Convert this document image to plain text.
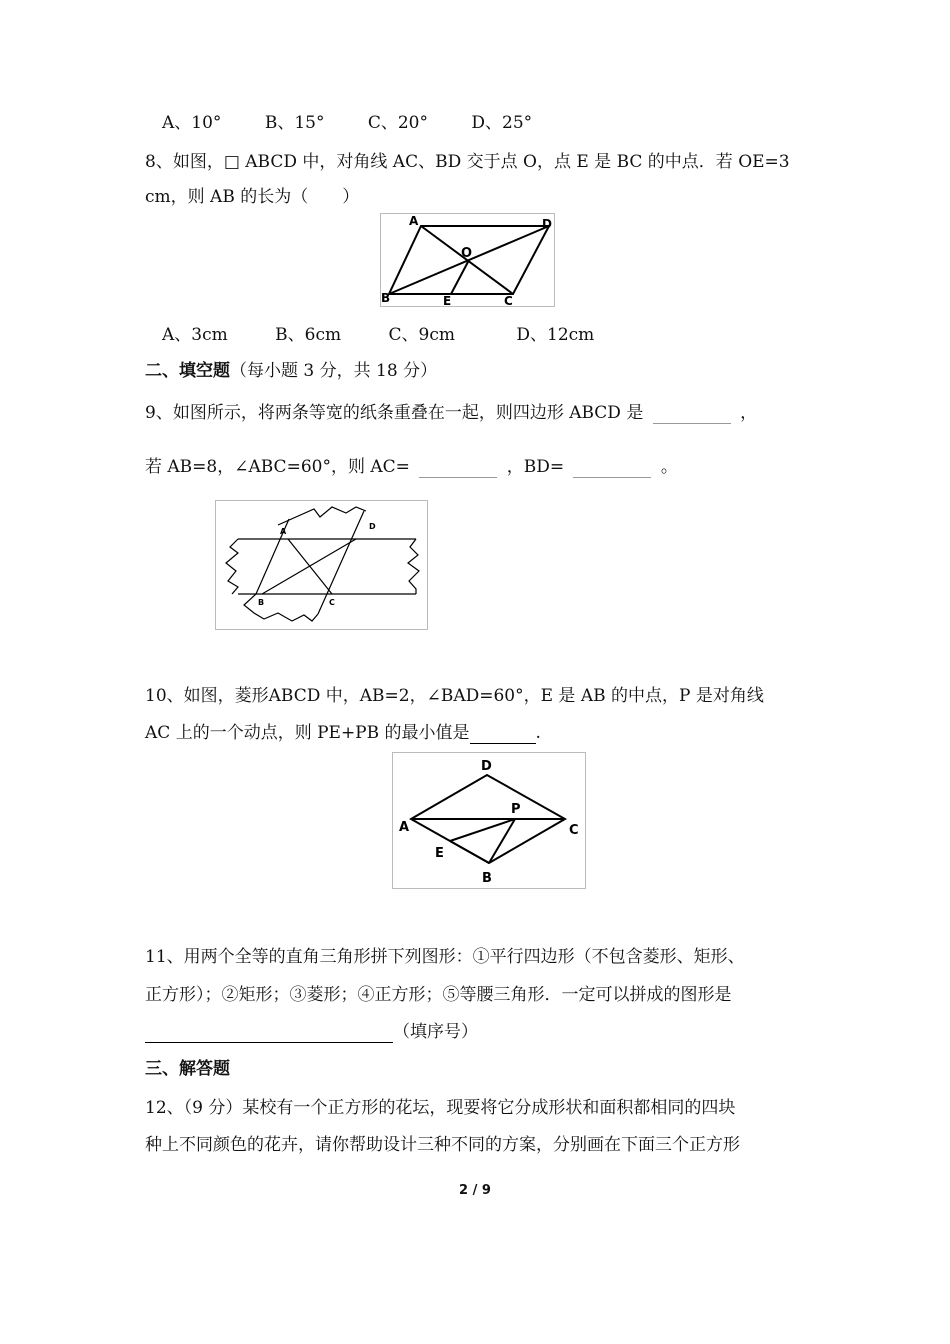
A、10°	B、15°	C、20°	D、25°
8、如图，□ ABCD 中，对角线 AC、BD 交于点 O，点 E 是 BC 的中点．若 OE=3
cm，则 AB 的长为（　　）
A	D
O
B	E	C
A、3cm	B、6cm	C、9cm	D、12cm
二、填空题（每小题 3 分，共 18 分）
9、如图所示，将两条等宽的纸条重叠在一起，则四边形 ABCD 是	，
若 AB=8，∠ABC=60°，则 AC=	，BD=	。
A
D
B	C
10、如图，菱形ABCD 中，AB=2，∠BAD=60°，E 是 AB 的中点，P 是对角线
AC 上的一个动点，则 PE+PB 的最小值是	.
D
A	C
P
E
B
11、用两个全等的直角三角形拼下列图形：①平行四边形（不包含菱形、矩形、
正方形）；②矩形；③菱形；④正方形；⑤等腰三角形．一定可以拼成的图形是
（填序号）
三、解答题
12、（9 分）某校有一个正方形的花坛，现要将它分成形状和面积都相同的四块
种上不同颜色的花卉，请你帮助设计三种不同的方案，分别画在下面三个正方形
2 / 9
